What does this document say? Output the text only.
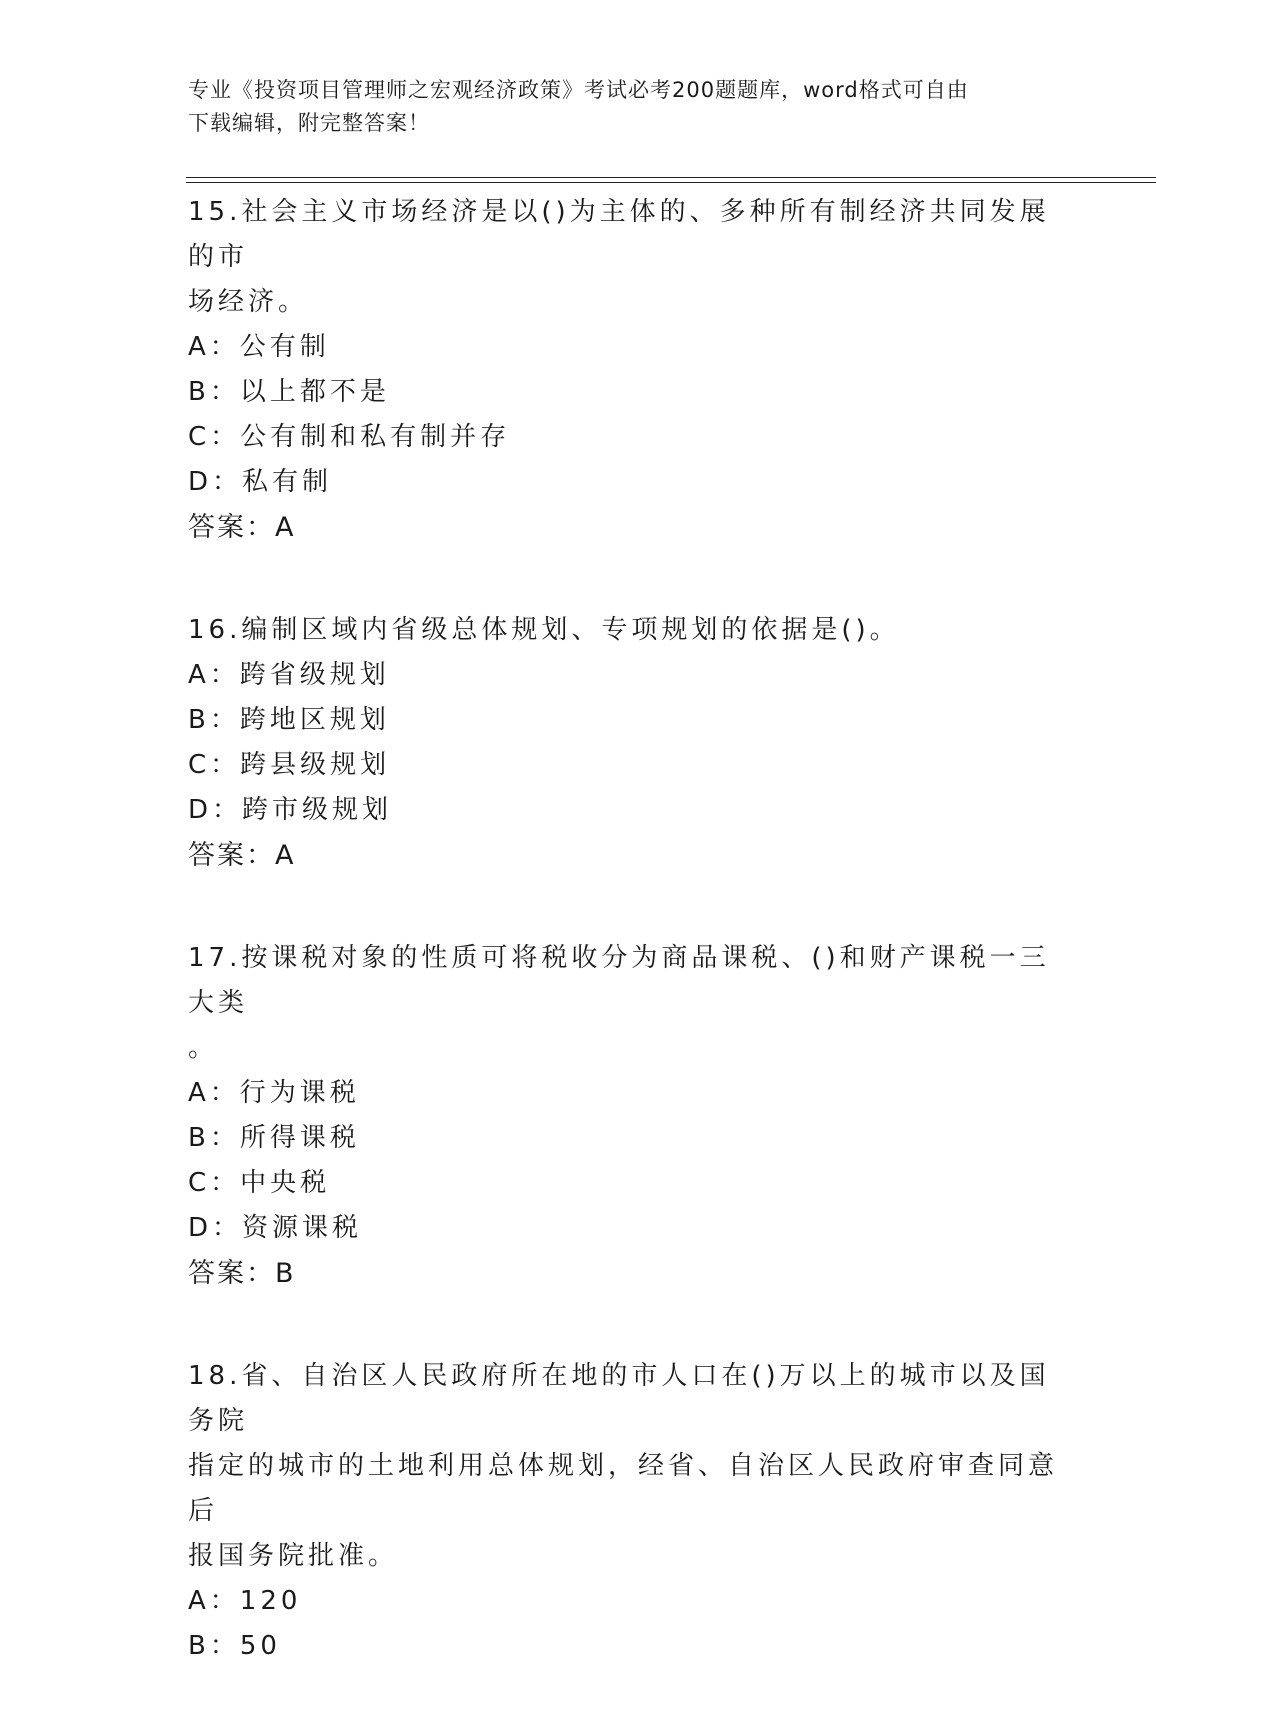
专业《投资项目管理师之宏观经济政策》考试必考200题题库，word格式可自由
下载编辑，附完整答案！

15.社会主义市场经济是以()为主体的、多种所有制经济共同发展的市

场经济。

A：公有制

B：以上都不是

C：公有制和私有制并存

D：私有制

答案：A

16.编制区域内省级总体规划、专项规划的依据是()。

A：跨省级规划

B：跨地区规划

C：跨县级规划

D：跨市级规划

答案：A

17.按课税对象的性质可将税收分为商品课税、()和财产课税一三大类

。

A：行为课税

B：所得课税

C：中央税

D：资源课税

答案：B

18.省、自治区人民政府所在地的市人口在()万以上的城市以及国务院

指定的城市的土地利用总体规划，经省、自治区人民政府审查同意后

报国务院批准。

A：120

B：50
